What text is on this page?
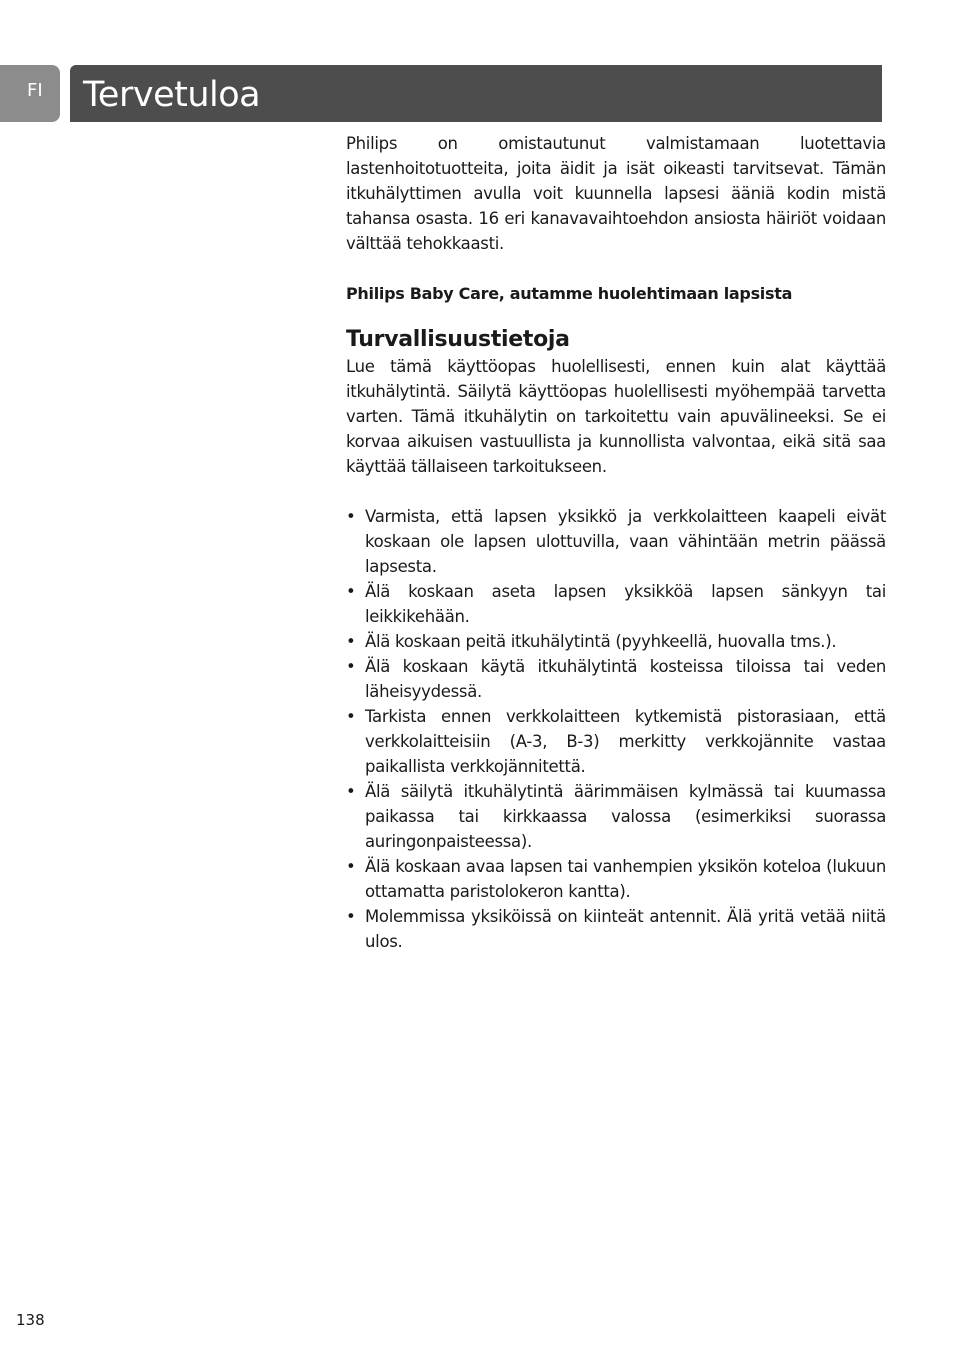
FI	Tervetuloa

Philips on omistautunut valmistamaan luotettavia lastenhoitotuotteita, joita äidit ja isät oikeasti tarvitsevat. Tämän itkuhälyttimen avulla voit kuunnella lapsesi ääniä kodin mistä tahansa osasta. 16 eri kanavavaihtoehdon ansiosta häiriöt voidaan välttää tehokkaasti.

Philips Baby Care, autamme huolehtimaan lapsista

Turvallisuustietoja

Lue tämä käyttöopas huolellisesti, ennen kuin alat käyttää itkuhälytintä. Säilytä käyttöopas huolellisesti myöhempää tarvetta varten. Tämä itkuhälytin on tarkoitettu vain apuvälineeksi. Se ei korvaa aikuisen vastuullista ja kunnollista valvontaa, eikä sitä saa käyttää tällaiseen tarkoitukseen.

• Varmista, että lapsen yksikkö ja verkkolaitteen kaapeli eivät koskaan ole lapsen ulottuvilla, vaan vähintään metrin päässä lapsesta.
• Älä koskaan aseta lapsen yksikköä lapsen sänkyyn tai leikkikehään.
• Älä koskaan peitä itkuhälytintä (pyyhkeellä, huovalla tms.).
• Älä koskaan käytä itkuhälytintä kosteissa tiloissa tai veden läheisyydessä.
• Tarkista ennen verkkolaitteen kytkemistä pistorasiaan, että verkkolaitteisiin (A-3, B-3) merkitty verkkojännite vastaa paikallista verkkojännitettä.
• Älä säilytä itkuhälytintä äärimmäisen kylmässä tai kuumassa paikassa tai kirkkaassa valossa (esimerkiksi suorassa auringonpaisteessa).
• Älä koskaan avaa lapsen tai vanhempien yksikön koteloa (lukuun ottamatta paristolokeron kantta).
• Molemmissa yksiköissä on kiinteät antennit. Älä yritä vetää niitä ulos.
138
